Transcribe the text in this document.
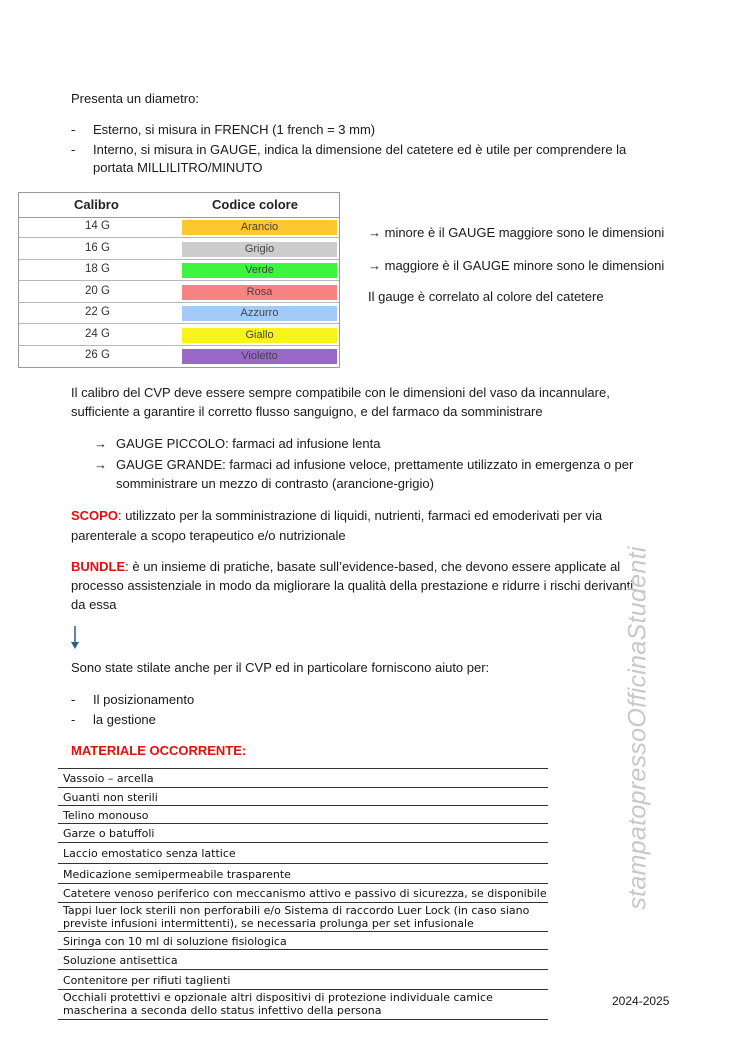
Presenta un diametro:
- Esterno, si misura in FRENCH (1 french = 3 mm)
- Interno, si misura in GAUGE, indica la dimensione del catetere ed è utile per comprendere la
portata MILLILITRO/MINUTO
Calibro	Codice colore
14 G	Arancio
16 G	Grigio
18 G	Verde
20 G	Rosa
22 G	Azzurro
24 G	Giallo
26 G	Violetto
→ minore è il GAUGE maggiore sono le dimensioni
→ maggiore è il GAUGE minore sono le dimensioni
Il gauge è correlato al colore del catetere
Il calibro del CVP deve essere sempre compatibile con le dimensioni del vaso da incannulare,
sufficiente a garantire il corretto flusso sanguigno, e del farmaco da somministrare
→ GAUGE PICCOLO: farmaci ad infusione lenta
→ GAUGE GRANDE: farmaci ad infusione veloce, prettamente utilizzato in emergenza o per
somministrare un mezzo di contrasto (arancione-grigio)
SCOPO: utilizzato per la somministrazione di liquidi, nutrienti, farmaci ed emoderivati per via
parenterale a scopo terapeutico e/o nutrizionale
BUNDLE: è un insieme di pratiche, basate sull’evidence-based, che devono essere applicate al
processo assistenziale in modo da migliorare la qualità della prestazione e ridurre i rischi derivanti
da essa
Sono state stilate anche per il CVP ed in particolare forniscono aiuto per:
- Il posizionamento
- la gestione
MATERIALE OCCORRENTE:
Vassoio – arcella
Guanti non sterili
Telino monouso
Garze o batuffoli
Laccio emostatico senza lattice
Medicazione semipermeabile trasparente
Catetere venoso periferico con meccanismo attivo e passivo di sicurezza, se disponibile
Tappi luer lock sterili non perforabili e/o Sistema di raccordo Luer Lock (in caso siano
previste infusioni intermittenti), se necessaria prolunga per set infusionale
Siringa con 10 ml di soluzione fisiologica
Soluzione antisettica
Contenitore per rifiuti taglienti
Occhiali protettivi e opzionale altri dispositivi di protezione individuale camice
mascherina a seconda dello status infettivo della persona
stampatopressoOfficinaStudenti
2024-2025
